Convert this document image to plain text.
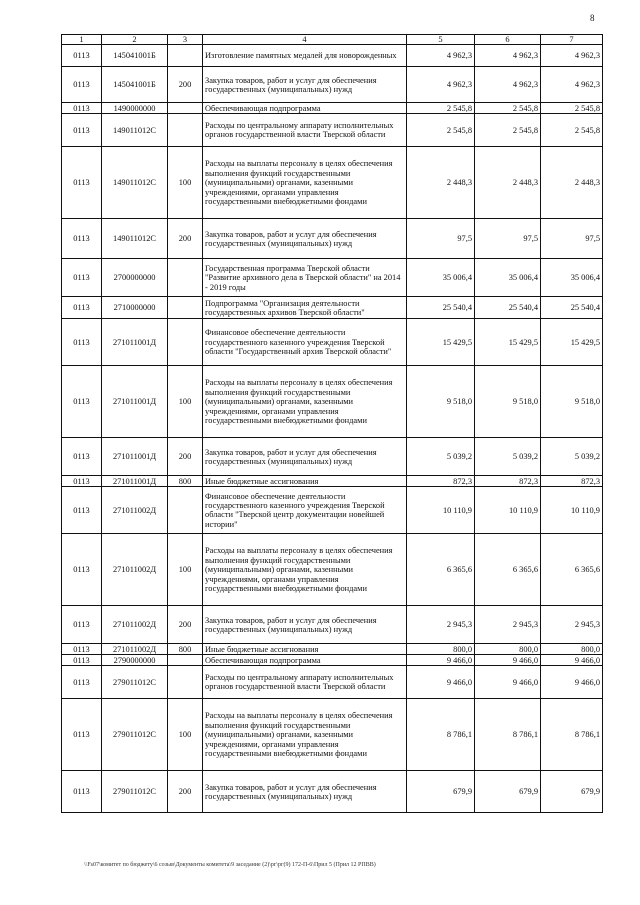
8
1	2	3	4	5	6	7
0113	145041001Б		Изготовление памятных медалей для новорожденных	4 962,3	4 962,3	4 962,3
0113	145041001Б	200	Закупка товаров, работ и услуг для обеспечения государственных (муниципальных) нужд	4 962,3	4 962,3	4 962,3
0113	1490000000		Обеспечивающая подпрограмма	2 545,8	2 545,8	2 545,8
0113	149011012С		Расходы по центральному аппарату исполнительных органов государственной власти Тверской области	2 545,8	2 545,8	2 545,8
0113	149011012С	100	Расходы на выплаты персоналу в целях обеспечения выполнения функций государственными (муниципальными) органами, казенными учреждениями, органами управления государственными внебюджетными фондами	2 448,3	2 448,3	2 448,3
0113	149011012С	200	Закупка товаров, работ и услуг для обеспечения государственных (муниципальных) нужд	97,5	97,5	97,5
0113	2700000000		Государственная программа Тверской области "Развитие архивного дела в Тверской области" на 2014 - 2019 годы	35 006,4	35 006,4	35 006,4
0113	2710000000		Подпрограмма "Организация деятельности государственных архивов Тверской области"	25 540,4	25 540,4	25 540,4
0113	271011001Д		Финансовое обеспечение деятельности государственного казенного учреждения Тверской области "Государственный архив Тверской области"	15 429,5	15 429,5	15 429,5
0113	271011001Д	100	Расходы на выплаты персоналу в целях обеспечения выполнения функций государственными (муниципальными) органами, казенными учреждениями, органами управления государственными внебюджетными фондами	9 518,0	9 518,0	9 518,0
0113	271011001Д	200	Закупка товаров, работ и услуг для обеспечения государственных (муниципальных) нужд	5 039,2	5 039,2	5 039,2
0113	271011001Д	800	Иные бюджетные ассигнования	872,3	872,3	872,3
0113	271011002Д		Финансовое обеспечение деятельности государственного казенного учреждения Тверской области "Тверской центр документации новейшей истории"	10 110,9	10 110,9	10 110,9
0113	271011002Д	100	Расходы на выплаты персоналу в целях обеспечения выполнения функций государственными (муниципальными) органами, казенными учреждениями, органами управления государственными внебюджетными фондами	6 365,6	6 365,6	6 365,6
0113	271011002Д	200	Закупка товаров, работ и услуг для обеспечения государственных (муниципальных) нужд	2 945,3	2 945,3	2 945,3
0113	271011002Д	800	Иные бюджетные ассигнования	800,0	800,0	800,0
0113	2790000000		Обеспечивающая подпрограмма	9 466,0	9 466,0	9 466,0
0113	279011012С		Расходы по центральному аппарату исполнительных органов государственной власти Тверской области	9 466,0	9 466,0	9 466,0
0113	279011012С	100	Расходы на выплаты персоналу в целях обеспечения выполнения функций государственными (муниципальными) органами, казенными учреждениями, органами управления государственными внебюджетными фондами	8 786,1	8 786,1	8 786,1
0113	279011012С	200	Закупка товаров, работ и услуг для обеспечения государственных (муниципальных) нужд	679,9	679,9	679,9
\\Fs07\комитет по бюджету\6 созыв\Документы комитета\9 заседание (2)\рг\рг(9) 172-П-6\Прил 5 (Прил 12 РПВВ)
